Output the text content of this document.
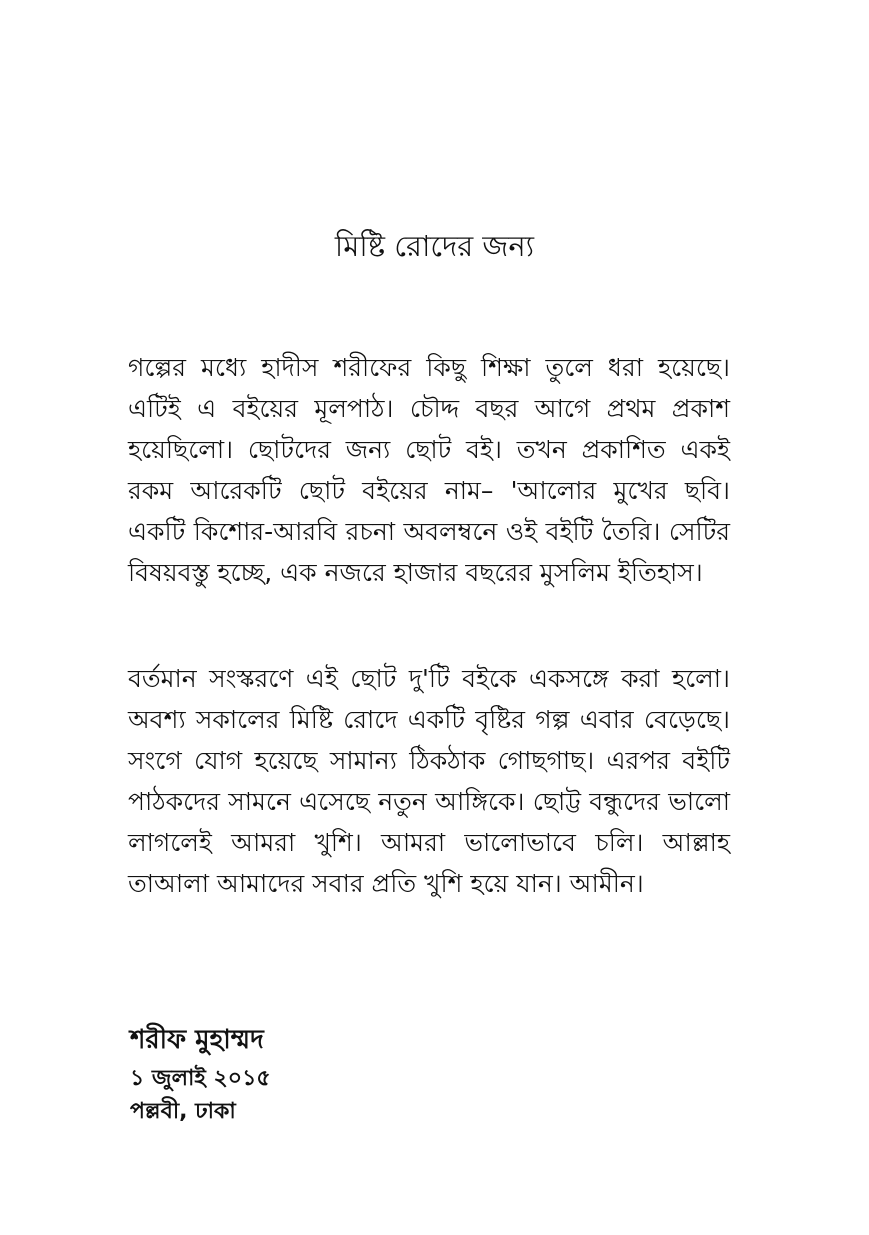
মিষ্টি রোদের জন্য

গল্পের মধ্যে হাদীস শরীফের কিছু শিক্ষা তুলে ধরা হয়েছে। এটিই এ বইয়ের মূলপাঠ। চৌদ্দ বছর আগে প্রথম প্রকাশ হয়েছিলো। ছোটদের জন্য ছোট বই। তখন প্রকাশিত একই রকম আরেকটি ছোট বইয়ের নাম– 'আলোর মুখের ছবি। একটি কিশোর-আরবি রচনা অবলম্বনে ওই বইটি তৈরি। সেটির বিষয়বস্তু হচ্ছে, এক নজরে হাজার বছরের মুসলিম ইতিহাস।

বর্তমান সংস্করণে এই ছোট দু'টি বইকে একসঙ্গে করা হলো। অবশ্য সকালের মিষ্টি রোদে একটি বৃষ্টির গল্প এবার বেড়েছে। সংগে যোগ হয়েছে সামান্য ঠিকঠাক গোছগাছ। এরপর বইটি পাঠকদের সামনে এসেছে নতুন আঙ্গিকে। ছোট্ট বন্ধুদের ভালো লাগলেই আমরা খুশি। আমরা ভালোভাবে চলি। আল্লাহ তাআলা আমাদের সবার প্রতি খুশি হয়ে যান। আমীন।

শরীফ মুহাম্মদ
১ জুলাই ২০১৫
পল্লবী, ঢাকা
